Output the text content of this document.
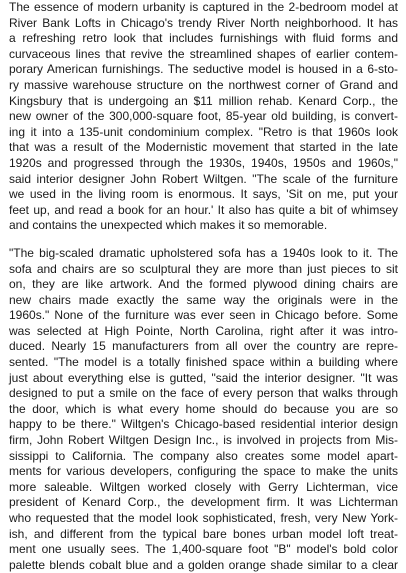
The essence of modern urbanity is captured in the 2-bedroom model at
River Bank Lofts in Chicago's trendy River North neighborhood. It has
a refreshing retro look that includes furnishings with fluid forms and
curvaceous lines that revive the streamlined shapes of earlier contem-
porary American furnishings. The seductive model is housed in a 6-sto-
ry massive warehouse structure on the northwest corner of Grand and
Kingsbury that is undergoing an $11 million rehab. Kenard Corp., the
new owner of the 300,000-square foot, 85-year old building, is convert-
ing it into a 135-unit condominium complex. "Retro is that 1960s look
that was a result of the Modernistic movement that started in the late
1920s and progressed through the 1930s, 1940s, 1950s and 1960s,"
said interior designer John Robert Wiltgen. "The scale of the furniture
we used in the living room is enormous. It says, 'Sit on me, put your
feet up, and read a book for an hour.' It also has quite a bit of whimsey
and contains the unexpected which makes it so memorable.
"The big-scaled dramatic upholstered sofa has a 1940s look to it. The
sofa and chairs are so sculptural they are more than just pieces to sit
on, they are like artwork. And the formed plywood dining chairs are
new chairs made exactly the same way the originals were in the
1960s." None of the furniture was ever seen in Chicago before. Some
was selected at High Pointe, North Carolina, right after it was intro-
duced. Nearly 15 manufacturers from all over the country are repre-
sented. "The model is a totally finished space within a building where
just about everything else is gutted, "said the interior designer. "It was
designed to put a smile on the face of every person that walks through
the door, which is what every home should do because you are so
happy to be there." Wiltgen's Chicago-based residential interior design
firm, John Robert Wiltgen Design Inc., is involved in projects from Mis-
sissippi to California. The company also creates some model apart-
ments for various developers, configuring the space to make the units
more saleable. Wiltgen worked closely with Gerry Lichterman, vice
president of Kenard Corp., the development firm. It was Lichterman
who requested that the model look sophisticated, fresh, very New York-
ish, and different from the typical bare bones urban model loft treat-
ment one usually sees. The 1,400-square foot "B" model's bold color
palette blends cobalt blue and a golden orange shade similar to a clear
